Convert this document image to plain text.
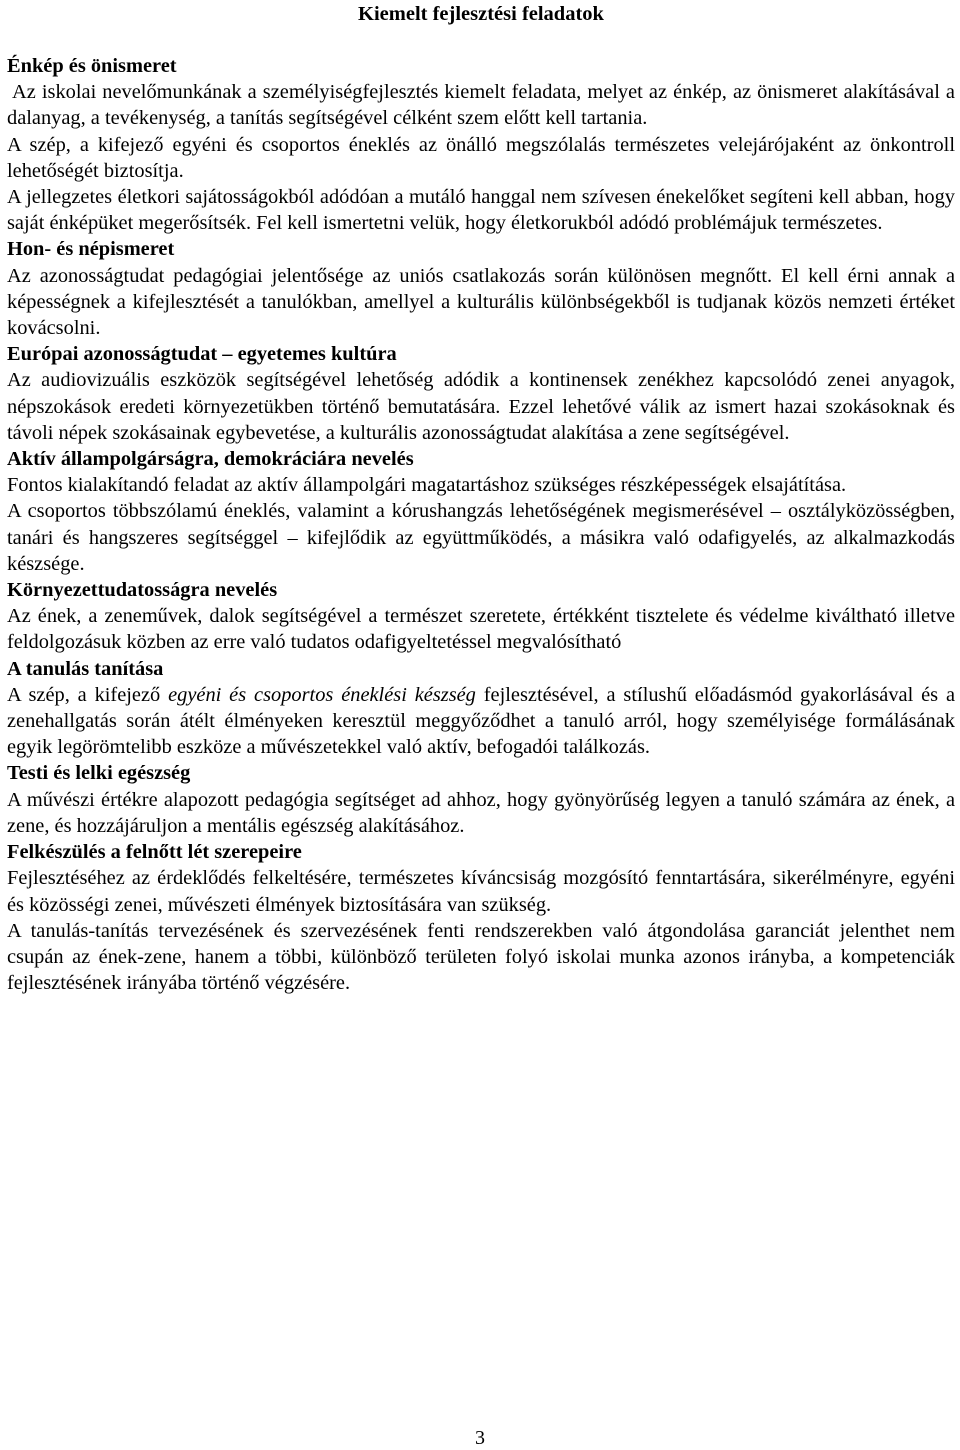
Kiemelt fejlesztési feladatok
Énkép és önismeret

Az iskolai nevelőmunkának a személyiségfejlesztés kiemelt feladata, melyet az énkép, az önismeret alakításával a dalanyag, a tevékenység, a tanítás segítségével célként szem előtt kell tartania.

A szép, a kifejező egyéni és csoportos éneklés az önálló megszólalás természetes velejárójaként az önkontroll lehetőségét biztosítja.

A jellegzetes életkori sajátosságokból adódóan a mutáló hanggal nem szívesen énekelőket segíteni kell abban, hogy saját énképüket megerősítsék. Fel kell ismertetni velük, hogy életkorukból adódó problémájuk természetes.

Hon- és népismeret

Az azonosságtudat pedagógiai jelentősége az uniós csatlakozás során különösen megnőtt. El kell érni annak a képességnek a kifejlesztését a tanulókban, amellyel a kulturális különbségekből is tudjanak közös nemzeti értéket kovácsolni.

Európai azonosságtudat – egyetemes kultúra

Az audiovizuális eszközök segítségével lehetőség adódik a kontinensek zenékhez kapcsolódó zenei anyagok, népszokások eredeti környezetükben történő bemutatására. Ezzel lehetővé válik az ismert hazai szokásoknak és távoli népek szokásainak egybevetése, a kulturális azonosságtudat alakítása a zene segítségével.

Aktív állampolgárságra, demokráciára nevelés

Fontos kialakítandó feladat az aktív állampolgári magatartáshoz szükséges részképességek elsajátítása.

A csoportos többszólamú éneklés, valamint a kórushangzás lehetőségének megismerésével – osztályközösségben, tanári és hangszeres segítséggel – kifejlődik az együttműködés, a másikra való odafigyelés, az alkalmazkodás készsége.

Környezettudatosságra nevelés

Az ének, a zeneművek, dalok segítségével a természet szeretete, értékként tisztelete és védelme kiváltható illetve feldolgozásuk közben az erre való tudatos odafigyeltetéssel megvalósítható

A tanulás tanítása

A szép, a kifejező egyéni és csoportos éneklési készség fejlesztésével, a stílushű előadásmód gyakorlásával és a zenehallgatás során átélt élményeken keresztül meggyőződhet a tanuló arról, hogy személyisége formálásának egyik legörömtelibb eszköze a művészetekkel való aktív, befogadói találkozás.

Testi és lelki egészség

A művészi értékre alapozott pedagógia segítséget ad ahhoz, hogy gyönyörűség legyen a tanuló számára az ének, a zene, és hozzájáruljon a mentális egészség alakításához.

Felkészülés a felnőtt lét szerepeire

Fejlesztéséhez az érdeklődés felkeltésére, természetes kíváncsiság mozgósító fenntartására, sikerélményre, egyéni és közösségi zenei, művészeti élmények biztosítására van szükség.

A tanulás-tanítás tervezésének és szervezésének fenti rendszerekben való átgondolása garanciát jelenthet nem csupán az ének-zene, hanem a többi, különböző területen folyó iskolai munka azonos irányba, a kompetenciák fejlesztésének irányába történő végzésére.

3
